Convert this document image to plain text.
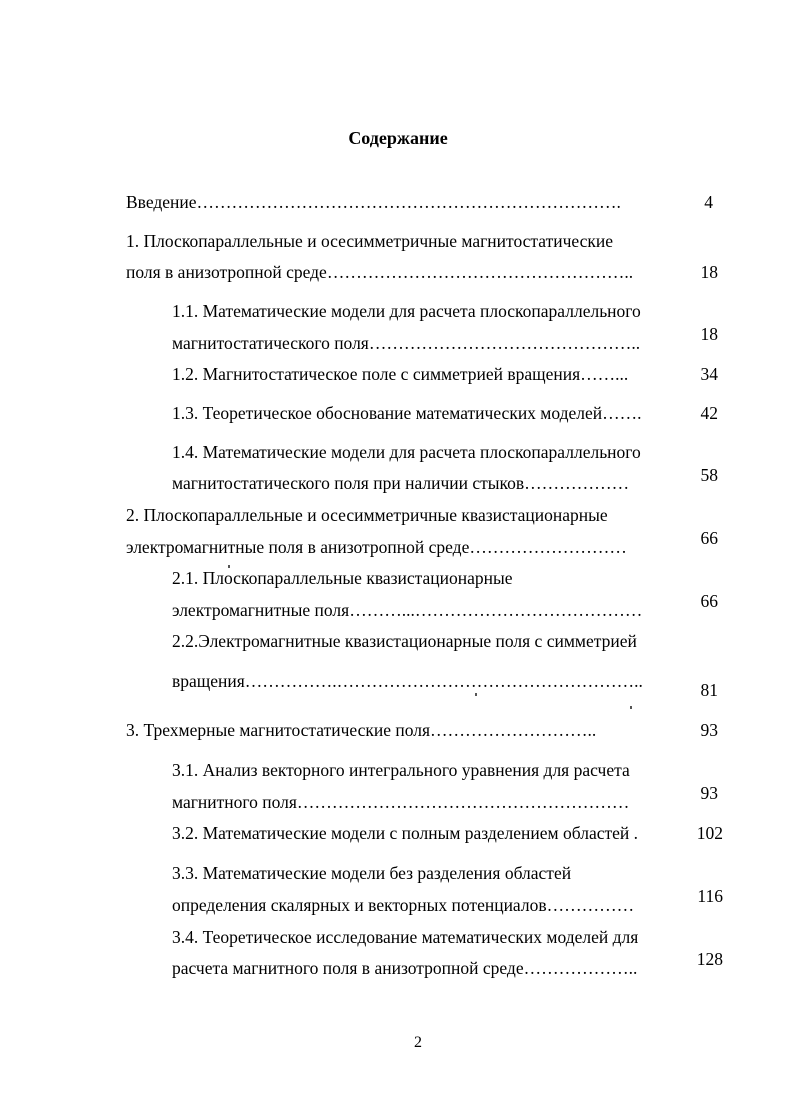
Содержание
Введение……………………………………………………………….	4
1. Плоскопараллельные и осесимметричные магнитостатические
поля в анизотропной среде……………………………………………..	18
1.1. Математические модели для расчета плоскопараллельного
магнитостатического поля………………………………………..	18
1.2. Магнитостатическое поле с симметрией вращения……...	34
1.3. Теоретическое обоснование математических моделей…….	42
1.4. Математические модели для расчета плоскопараллельного
магнитостатического поля при наличии стыков………………	58
2. Плоскопараллельные и осесимметричные квазистационарные
электромагнитные поля в анизотропной среде………………………	66
2.1. Плоскопараллельные квазистационарные
электромагнитные поля………...…………………………………	66
2.2.Электромагнитные квазистационарные поля с симметрией
вращения…………….……………………………………………..	81
3. Трехмерные магнитостатические поля………………………..	93
3.1. Анализ векторного интегрального уравнения для расчета
магнитного поля…………………………………………………	93
3.2. Математические модели с полным разделением областей .	102
3.3. Математические модели без разделения областей
определения скалярных и векторных потенциалов……………	116
3.4. Теоретическое исследование математических моделей для
расчета магнитного поля в анизотропной среде………………..	128
2
